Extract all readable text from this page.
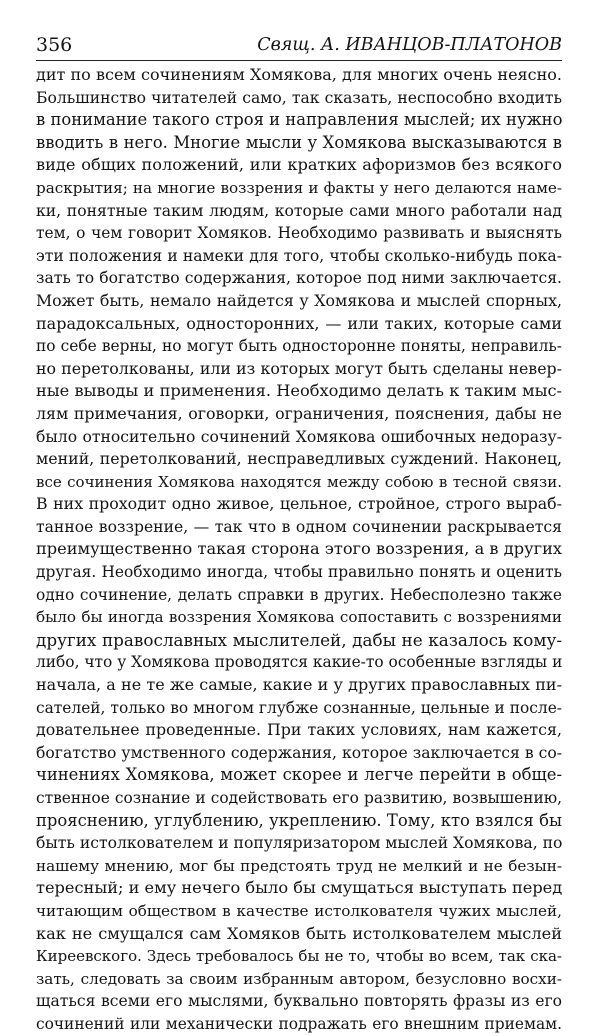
356	Свящ. А. ИВАНЦОВ-ПЛАТОНОВ
дит по всем сочинениям Хомякова, для многих очень неясно.
Большинство читателей само, так сказать, неспособно входить
в понимание такого строя и направления мыслей; их нужно
вводить в него. Многие мысли у Хомякова высказываются в
виде общих положений, или кратких афоризмов без всякого
раскрытия; на многие воззрения и факты у него делаются наме-
ки, понятные таким людям, которые сами много работали над
тем, о чем говорит Хомяков. Необходимо развивать и выяснять
эти положения и намеки для того, чтобы сколько-нибудь пока-
зать то богатство содержания, которое под ними заключается.
Может быть, немало найдется у Хомякова и мыслей спорных,
парадоксальных, односторонних, — или таких, которые сами
по себе верны, но могут быть односторонне поняты, неправиль-
но перетолкованы, или из которых могут быть сделаны невер-
ные выводы и применения. Необходимо делать к таким мыс-
лям примечания, оговорки, ограничения, пояснения, дабы не
было относительно сочинений Хомякова ошибочных недоразу-
мений, перетолкований, несправедливых суждений. Наконец,
все сочинения Хомякова находятся между собою в тесной связи.
В них проходит одно живое, цельное, стройное, строго выраб-
танное воззрение, — так что в одном сочинении раскрывается
преимущественно такая сторона этого воззрения, а в других
другая. Необходимо иногда, чтобы правильно понять и оценить
одно сочинение, делать справки в других. Небесполезно также
было бы иногда воззрения Хомякова сопоставить с воззрениями
других православных мыслителей, дабы не казалось кому-
либо, что у Хомякова проводятся какие-то особенные взгляды и
начала, а не те же самые, какие и у других православных пи-
сателей, только во многом глубже сознанные, цельные и после-
довательнее проведенные. При таких условиях, нам кажется,
богатство умственного содержания, которое заключается в со-
чинениях Хомякова, может скорее и легче перейти в обще-
ственное сознание и содействовать его развитию, возвышению,
прояснению, углублению, укреплению. Тому, кто взялся бы
быть истолкователем и популяризатором мыслей Хомякова, по
нашему мнению, мог бы предстоять труд не мелкий и не безын-
тересный; и ему нечего было бы смущаться выступать перед
читающим обществом в качестве истолкователя чужих мыслей,
как не смущался сам Хомяков быть истолкователем мыслей
Киреевского. Здесь требовалось бы не то, чтобы во всем, так ска-
зать, следовать за своим избранным автором, безусловно восхи-
щаться всеми его мыслями, буквально повторять фразы из его
сочинений или механически подражать его внешним приемам.
